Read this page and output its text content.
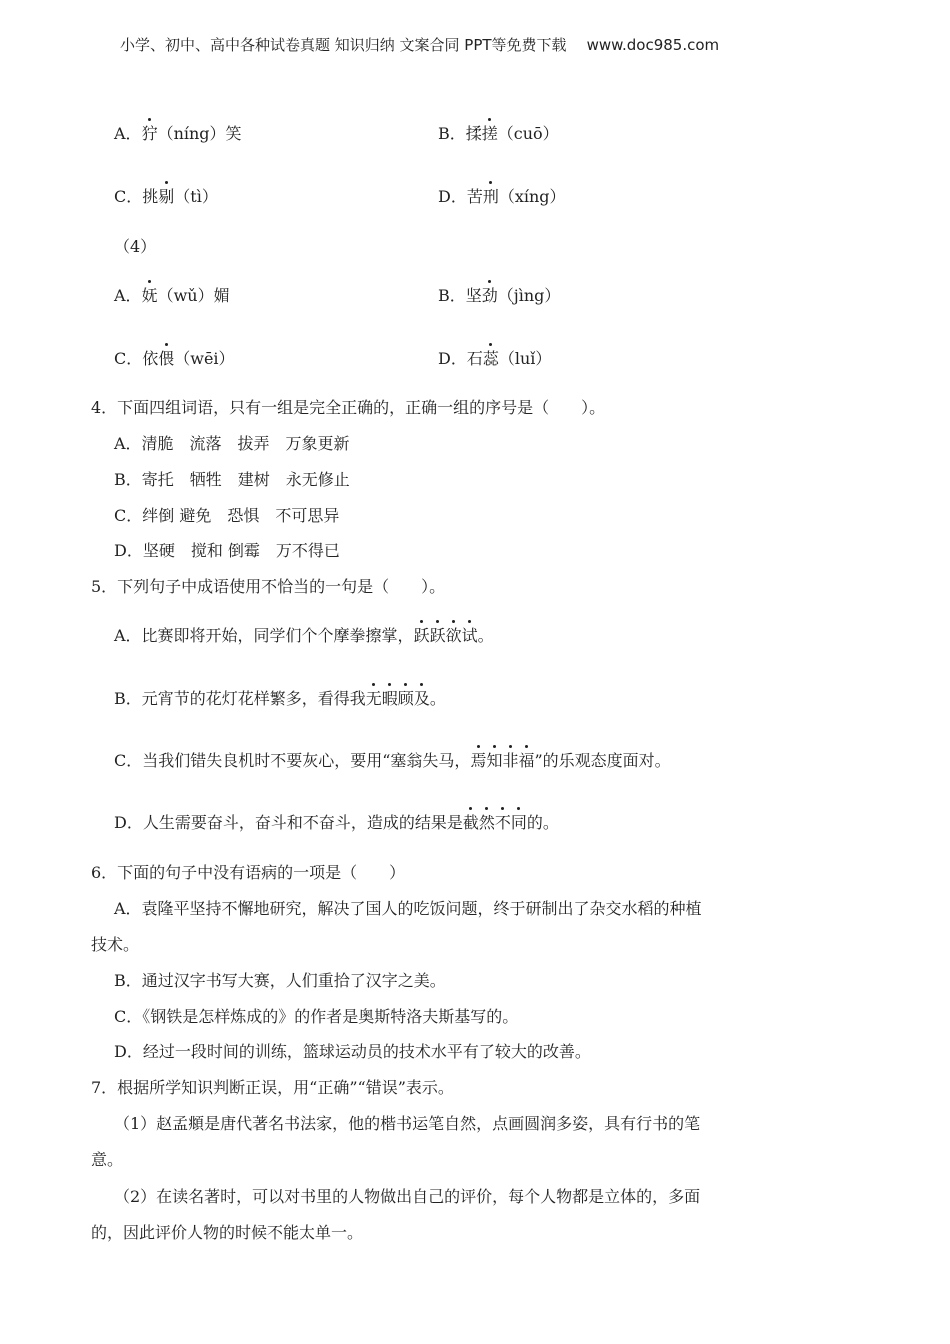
小学、初中、高中各种试卷真题 知识归纳 文案合同 PPT等免费下载 www.doc985.com
A．狞（níng）笑	B．揉搓（cuō）
C．挑剔（tì）	D．苦刑（xíng）
（4）
A．妩（wǔ）媚	B．坚劲（jìng）
C．依偎（wēi）	D．石蕊（luǐ）
4．下面四组词语，只有一组是完全正确的，正确一组的序号是（　　）。
A．清脆　流落　拔弄　万象更新
B．寄托　牺牲　建树　永无修止
C．绊倒 避免　恐惧　不可思异
D．坚硬　搅和 倒霉　万不得已
5．下列句子中成语使用不恰当的一句是（　　）。
A．比赛即将开始，同学们个个摩拳擦掌，跃跃欲试。
B．元宵节的花灯花样繁多，看得我无暇顾及。
C．当我们错失良机时不要灰心，要用“塞翁失马，焉知非福”的乐观态度面对。
D．人生需要奋斗，奋斗和不奋斗，造成的结果是截然不同的。
6．下面的句子中没有语病的一项是（　　）
A．袁隆平坚持不懈地研究，解决了国人的吃饭问题，终于研制出了杂交水稻的种植
技术。
B．通过汉字书写大赛，人们重拾了汉字之美。
C．《钢铁是怎样炼成的》的作者是奥斯特洛夫斯基写的。
D．经过一段时间的训练，篮球运动员的技术水平有了较大的改善。
7．根据所学知识判断正误，用“正确”“错误”表示。
（1）赵孟頫是唐代著名书法家，他的楷书运笔自然，点画圆润多姿，具有行书的笔
意。
（2）在读名著时，可以对书里的人物做出自己的评价，每个人物都是立体的，多面
的，因此评价人物的时候不能太单一。
